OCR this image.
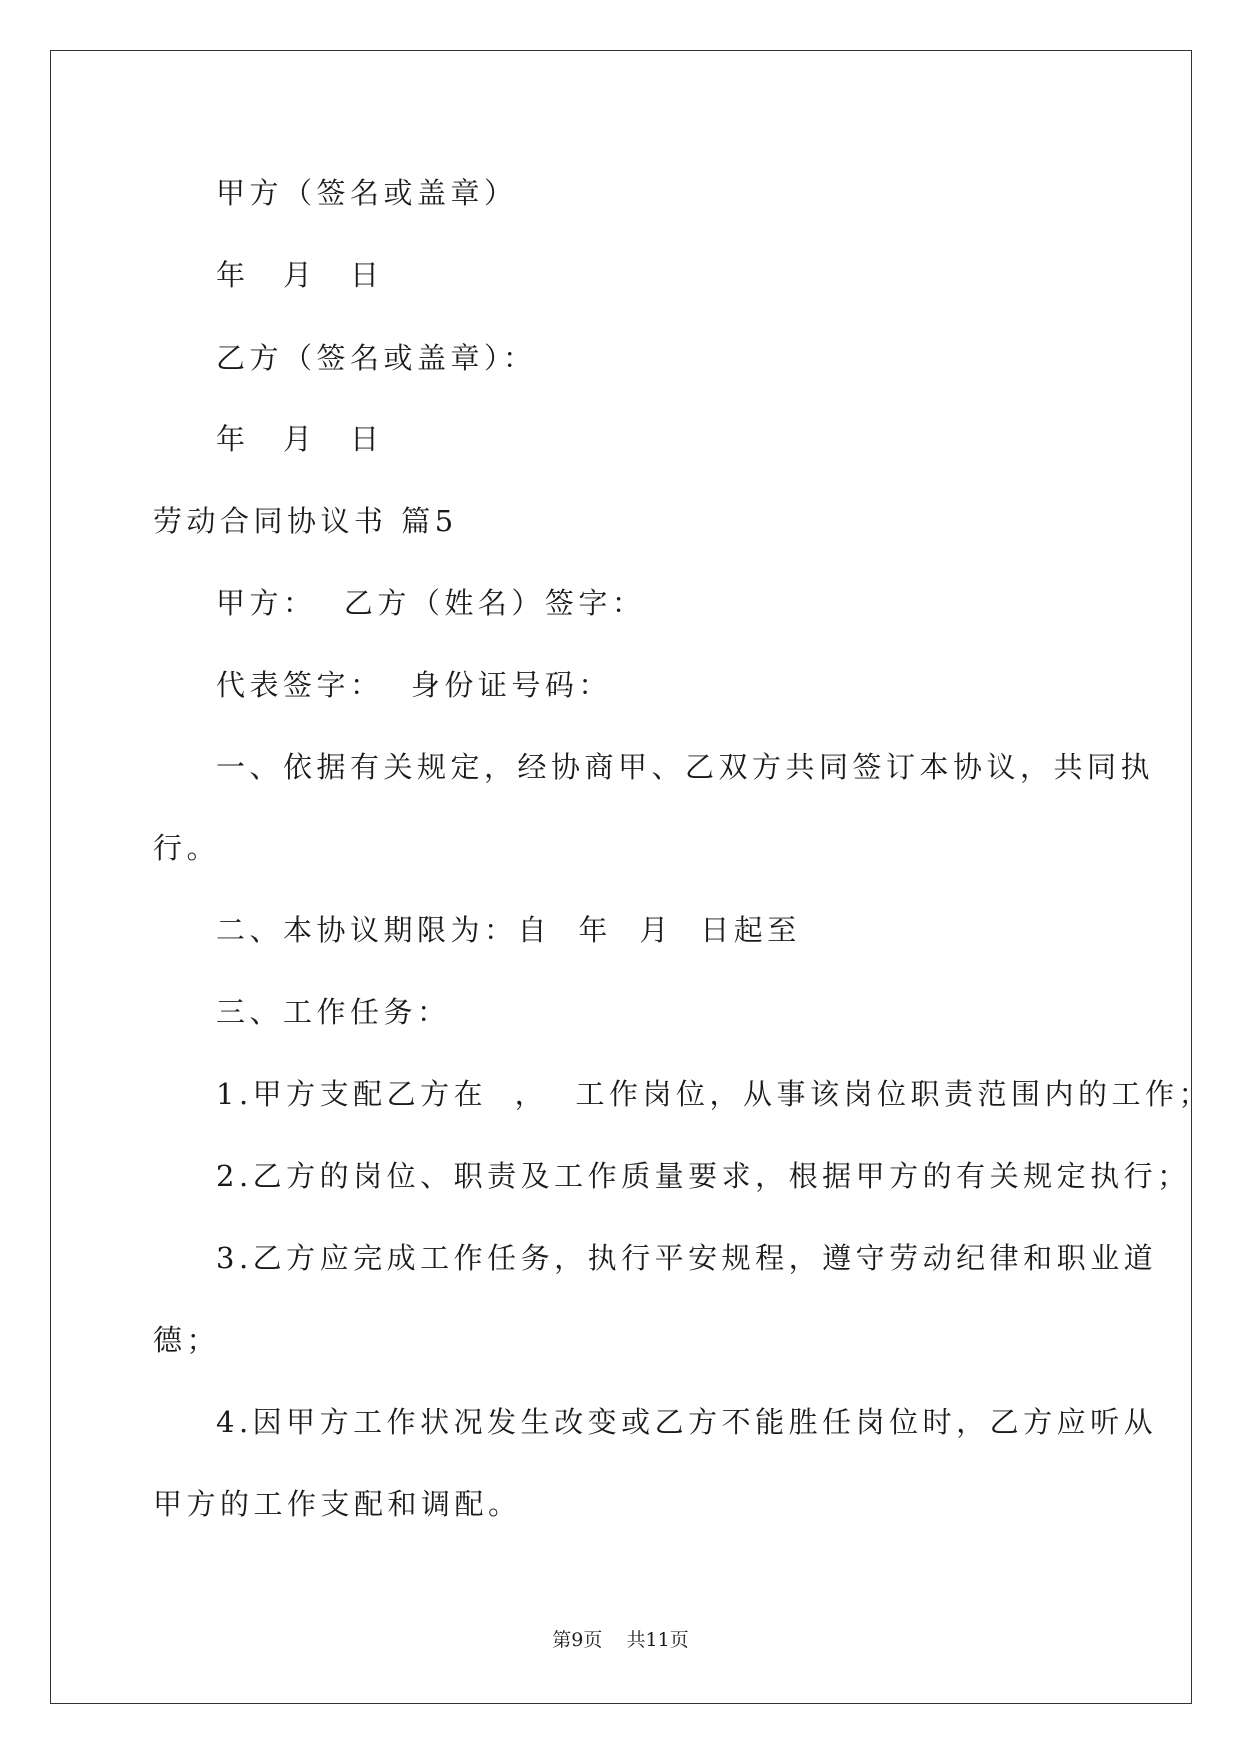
甲方（签名或盖章）

年　月　日

乙方（签名或盖章）：

年　月　日

劳动合同协议书 篇5

甲方：  乙方（姓名）签字：

代表签字：  身份证号码：

一、依据有关规定，经协商甲、乙双方共同签订本协议，共同执

行。

二、本协议期限为：自  年  月  日起至

三、工作任务：

1.甲方支配乙方在  ，  工作岗位，从事该岗位职责范围内的工作；

2.乙方的岗位、职责及工作质量要求，根据甲方的有关规定执行；

3.乙方应完成工作任务，执行平安规程，遵守劳动纪律和职业道

德；

4.因甲方工作状况发生改变或乙方不能胜任岗位时，乙方应听从

甲方的工作支配和调配。

第9页    共11页
